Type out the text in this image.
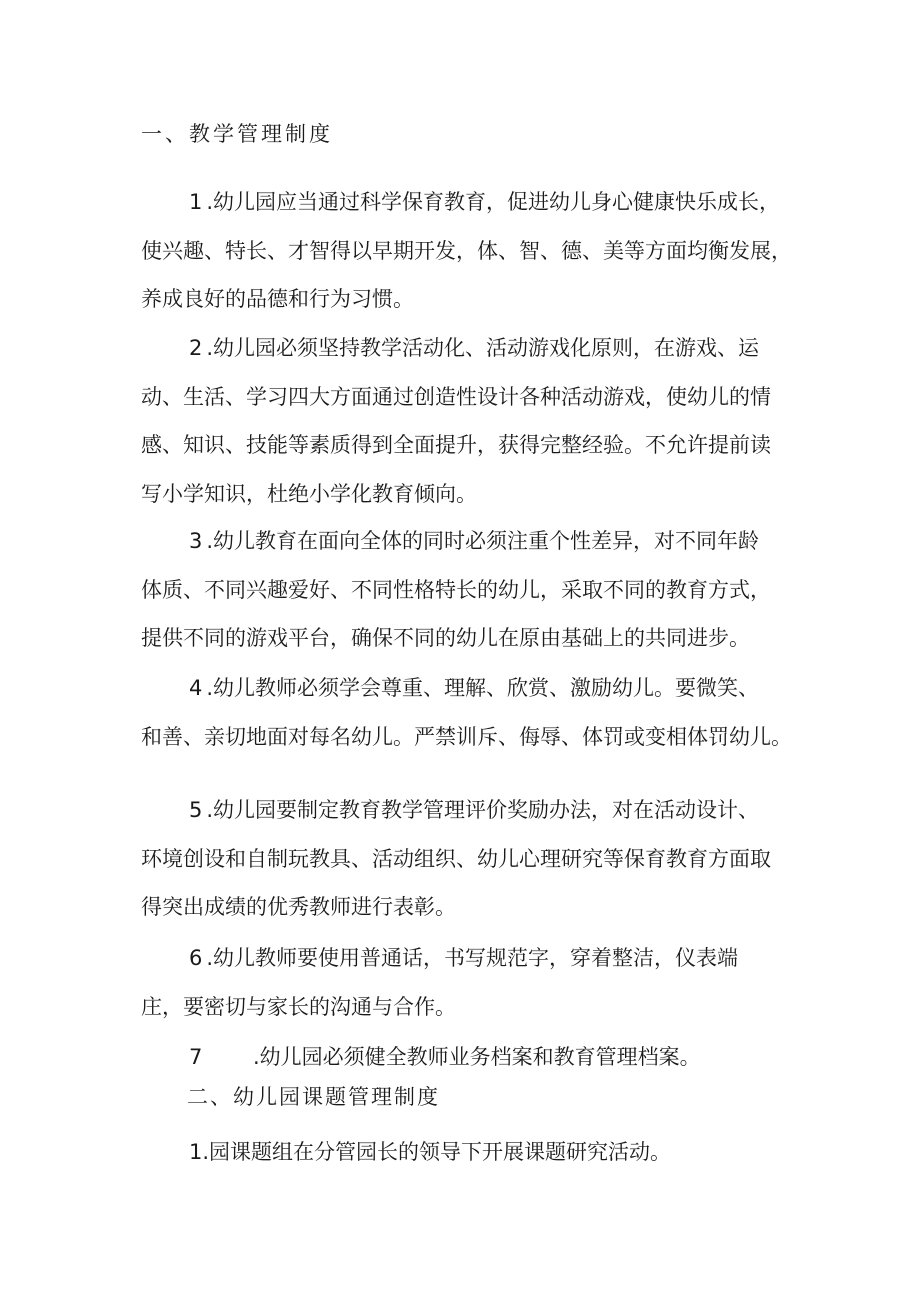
一、教学管理制度
1 .幼儿园应当通过科学保育教育，促进幼儿身心健康快乐成长，
使兴趣、特长、才智得以早期开发，体、智、德、美等方面均衡发展，
养成良好的品德和行为习惯。
2 .幼儿园必须坚持教学活动化、活动游戏化原则，在游戏、运
动、生活、学习四大方面通过创造性设计各种活动游戏，使幼儿的情
感、知识、技能等素质得到全面提升，获得完整经验。不允许提前读
写小学知识，杜绝小学化教育倾向。
3 .幼儿教育在面向全体的同时必须注重个性差异，对不同年龄
体质、不同兴趣爱好、不同性格特长的幼儿，采取不同的教育方式，
提供不同的游戏平台，确保不同的幼儿在原由基础上的共同进步。
4 .幼儿教师必须学会尊重、理解、欣赏、激励幼儿。要微笑、
和善、亲切地面对每名幼儿。严禁训斥、侮辱、体罚或变相体罚幼儿。
5 .幼儿园要制定教育教学管理评价奖励办法，对在活动设计、
环境创设和自制玩教具、活动组织、幼儿心理研究等保育教育方面取
得突出成绩的优秀教师进行表彰。
6 .幼儿教师要使用普通话，书写规范字，穿着整洁，仪表端
庄，要密切与家长的沟通与合作。
7 .幼儿园必须健全教师业务档案和教育管理档案。
二、幼儿园课题管理制度
1.园课题组在分管园长的领导下开展课题研究活动。
